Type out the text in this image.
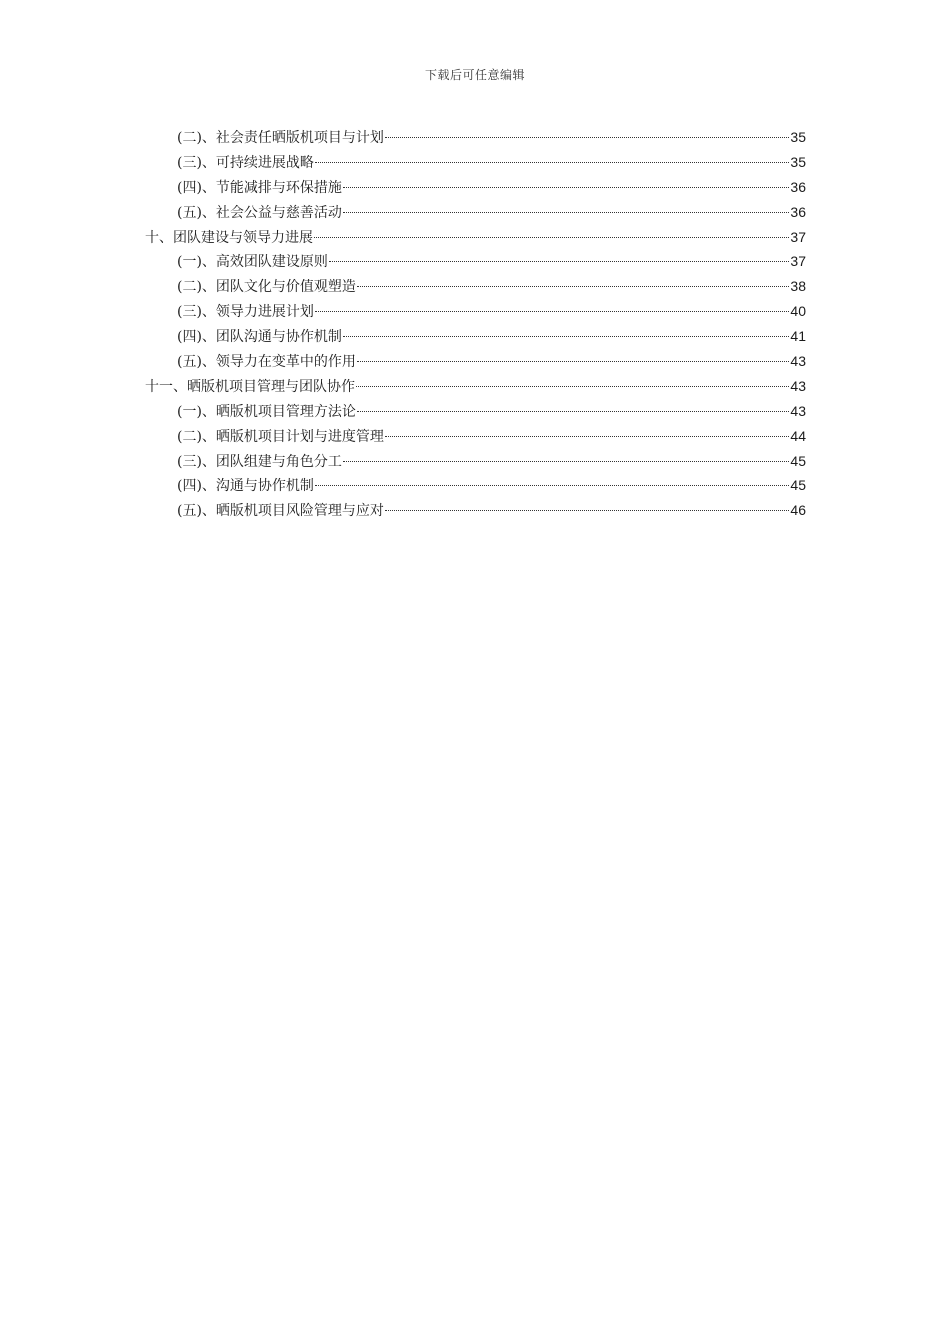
下载后可任意编辑
(二)、社会责任晒版机项目与计划	35
(三)、可持续进展战略	35
(四)、节能减排与环保措施	36
(五)、社会公益与慈善活动	36
十、团队建设与领导力进展	37
(一)、高效团队建设原则	37
(二)、团队文化与价值观塑造	38
(三)、领导力进展计划	40
(四)、团队沟通与协作机制	41
(五)、领导力在变革中的作用	43
十一、晒版机项目管理与团队协作	43
(一)、晒版机项目管理方法论	43
(二)、晒版机项目计划与进度管理	44
(三)、团队组建与角色分工	45
(四)、沟通与协作机制	45
(五)、晒版机项目风险管理与应对	46
